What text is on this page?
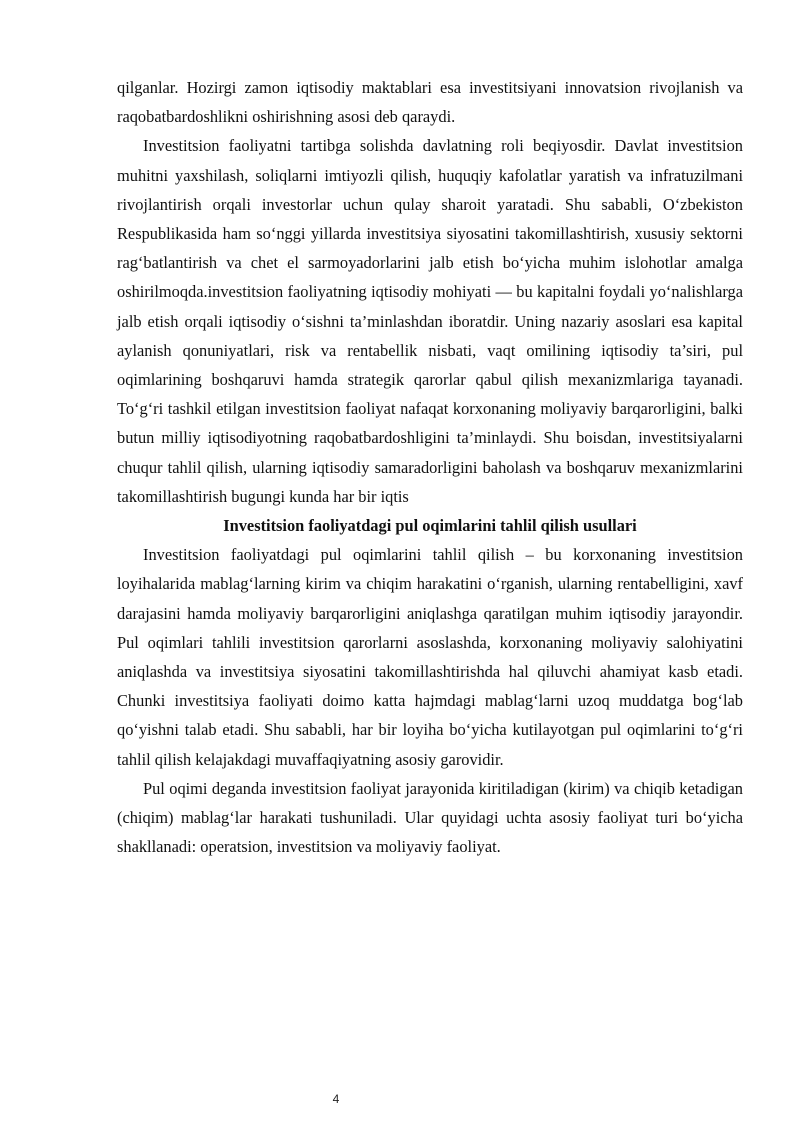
qilganlar. Hozirgi zamon iqtisodiy maktablari esa investitsiyani innovatsion rivojlanish va raqobatbardoshlikni oshirishning asosi deb qaraydi.

Investitsion faoliyatni tartibga solishda davlatning roli beqiyosdir. Davlat investitsion muhitni yaxshilash, soliqlarni imtiyozli qilish, huquqiy kafolatlar yaratish va infratuzilmani rivojlantirish orqali investorlar uchun qulay sharoit yaratadi. Shu sababli, O‘zbekiston Respublikasida ham so‘nggi yillarda investitsiya siyosatini takomillashtirish, xususiy sektorni rag‘batlantirish va chet el sarmoyadorlarini jalb etish bo‘yicha muhim islohotlar amalga oshirilmoqda.investitsion faoliyatning iqtisodiy mohiyati — bu kapitalni foydali yo‘nalishlarga jalb etish orqali iqtisodiy o‘sishni ta’minlashdan iboratdir. Uning nazariy asoslari esa kapital aylanish qonuniyatlari, risk va rentabellik nisbati, vaqt omilining iqtisodiy ta’siri, pul oqimlarining boshqaruvi hamda strategik qarorlar qabul qilish mexanizmlariga tayanadi. To‘g‘ri tashkil etilgan investitsion faoliyat nafaqat korxonaning moliyaviy barqarorligini, balki butun milliy iqtisodiyotning raqobatbardoshligini ta’minlaydi. Shu boisdan, investitsiyalarni chuqur tahlil qilish, ularning iqtisodiy samaradorligini baholash va boshqaruv mexanizmlarini takomillashtirish bugungi kunda har bir iqtis

Investitsion faoliyatdagi pul oqimlarini tahlil qilish usullari

Investitsion faoliyatdagi pul oqimlarini tahlil qilish – bu korxonaning investitsion loyihalarida mablag‘larning kirim va chiqim harakatini o‘rganish, ularning rentabelligini, xavf darajasini hamda moliyaviy barqarorligini aniqlashga qaratilgan muhim iqtisodiy jarayondir. Pul oqimlari tahlili investitsion qarorlarni asoslashda, korxonaning moliyaviy salohiyatini aniqlashda va investitsiya siyosatini takomillashtirishda hal qiluvchi ahamiyat kasb etadi. Chunki investitsiya faoliyati doimo katta hajmdagi mablag‘larni uzoq muddatga bog‘lab qo‘yishni talab etadi. Shu sababli, har bir loyiha bo‘yicha kutilayotgan pul oqimlarini to‘g‘ri tahlil qilish kelajakdagi muvaffaqiyatning asosiy garovidir.

Pul oqimi deganda investitsion faoliyat jarayonida kiritiladigan (kirim) va chiqib ketadigan (chiqim) mablag‘lar harakati tushuniladi. Ular quyidagi uchta asosiy faoliyat turi bo‘yicha shakllanadi: operatsion, investitsion va moliyaviy faoliyat.

4
